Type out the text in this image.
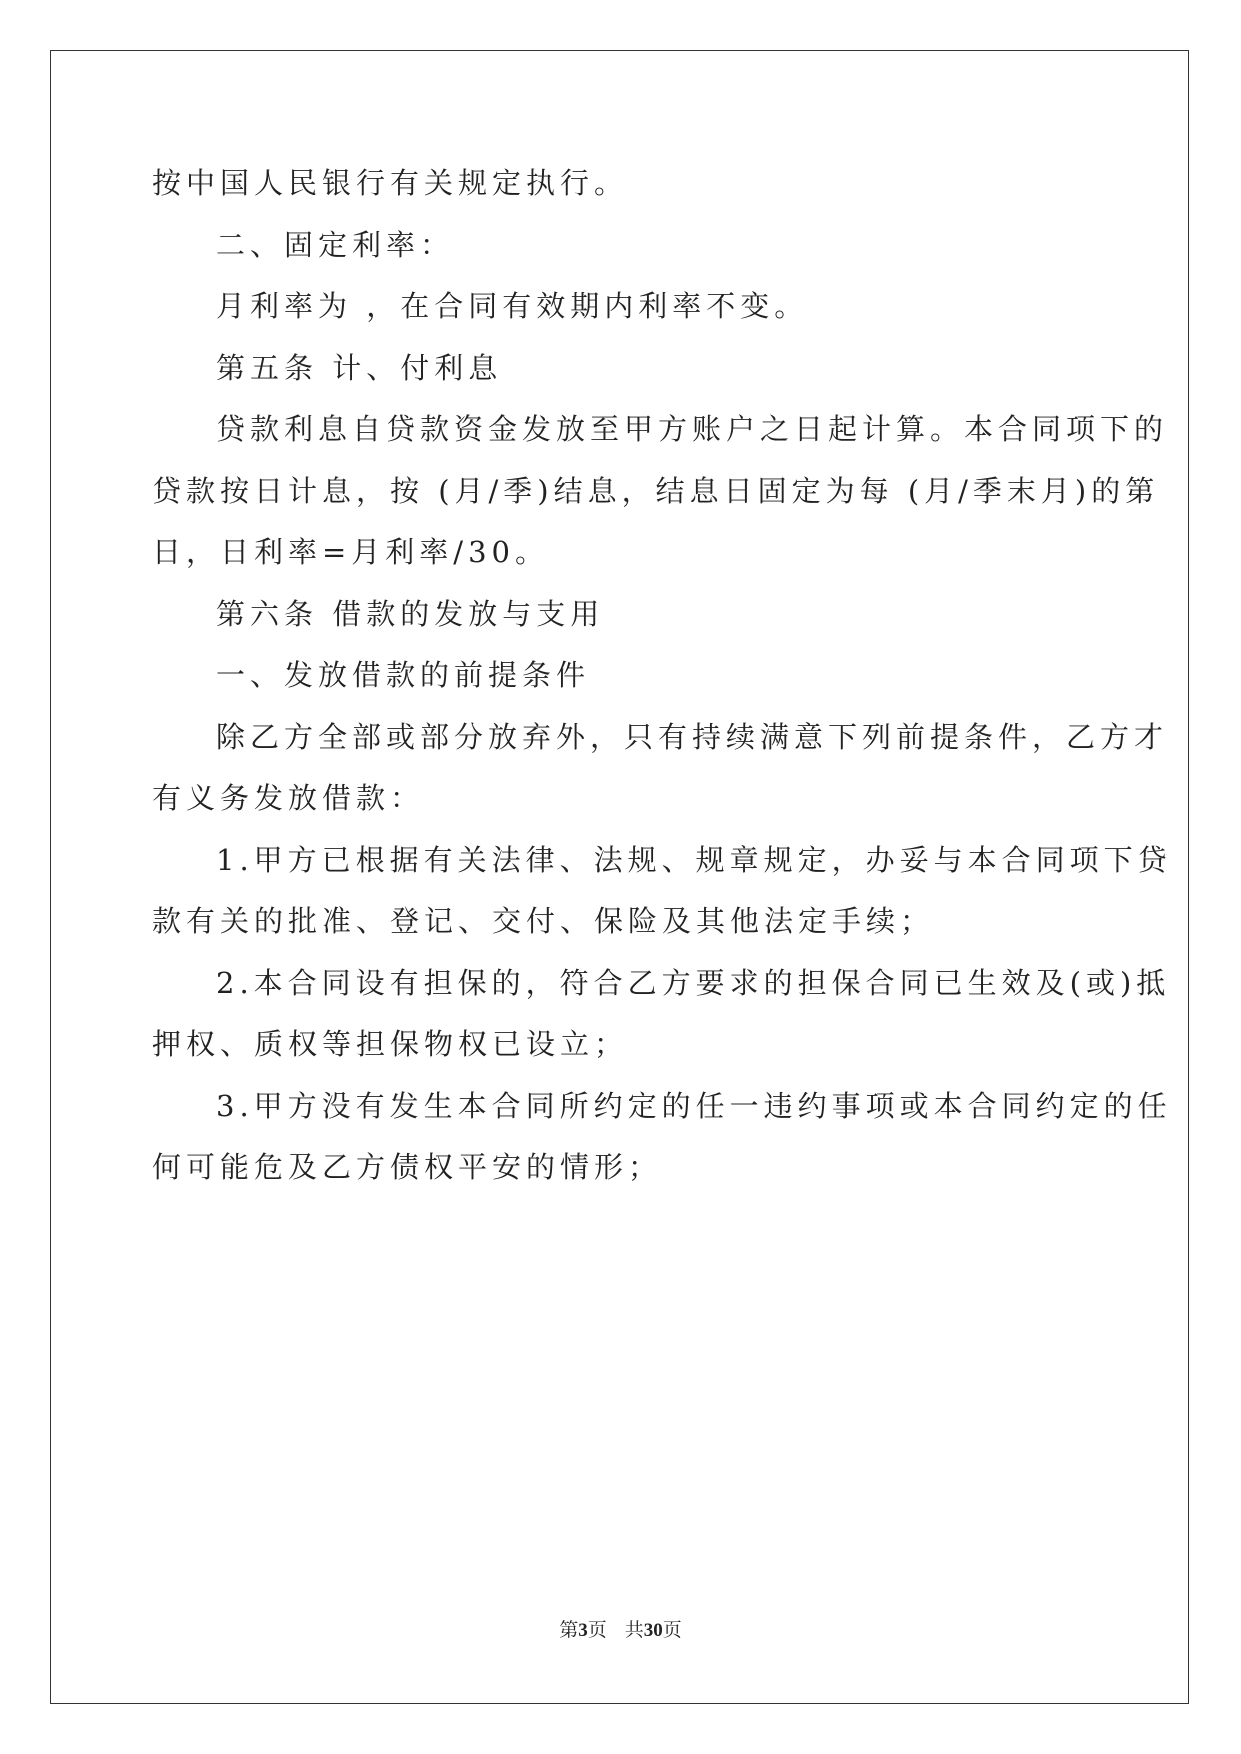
按中国人民银行有关规定执行。
二、固定利率：
月利率为 ，在合同有效期内利率不变。
第五条 计、付利息
贷款利息自贷款资金发放至甲方账户之日起计算。本合同项下的
贷款按日计息，按 (月/季)结息，结息日固定为每 (月/季末月)的第
日，日利率=月利率/30。
第六条 借款的发放与支用
一、发放借款的前提条件
除乙方全部或部分放弃外，只有持续满意下列前提条件，乙方才
有义务发放借款：
1.甲方已根据有关法律、法规、规章规定，办妥与本合同项下贷
款有关的批准、登记、交付、保险及其他法定手续；
2.本合同设有担保的，符合乙方要求的担保合同已生效及(或)抵
押权、质权等担保物权已设立；
3.甲方没有发生本合同所约定的任一违约事项或本合同约定的任
何可能危及乙方债权平安的情形；
第3页 共30页
